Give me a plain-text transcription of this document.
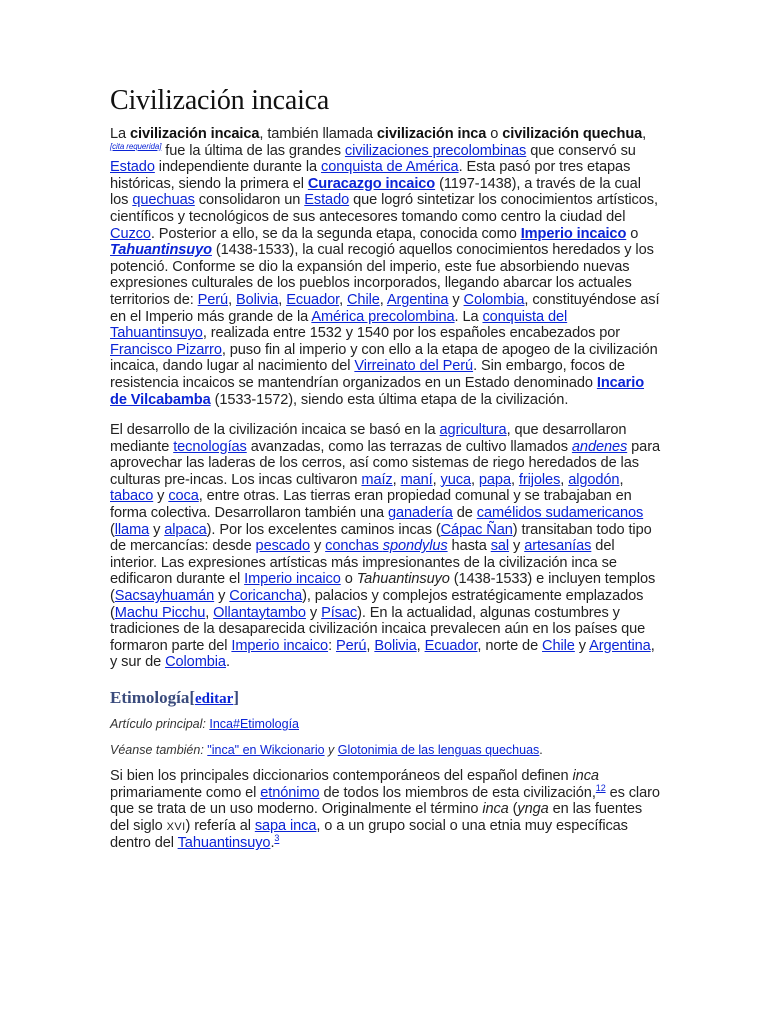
Civilización incaica

La civilización incaica, también llamada civilización inca o civilización quechua,[cita requerida] fue la última de las grandes civilizaciones precolombinas que conservó su Estado independiente durante la conquista de América. Esta pasó por tres etapas históricas, siendo la primera el Curacazgo incaico (1197-1438), a través de la cual los quechuas consolidaron un Estado que logró sintetizar los conocimientos artísticos, científicos y tecnológicos de sus antecesores tomando como centro la ciudad del Cuzco. Posterior a ello, se da la segunda etapa, conocida como Imperio incaico o Tahuantinsuyo (1438-1533), la cual recogió aquellos conocimientos heredados y los potenció. Conforme se dio la expansión del imperio, este fue absorbiendo nuevas expresiones culturales de los pueblos incorporados, llegando abarcar los actuales territorios de: Perú, Bolivia, Ecuador, Chile, Argentina y Colombia, constituyéndose así en el Imperio más grande de la América precolombina. La conquista del Tahuantinsuyo, realizada entre 1532 y 1540 por los españoles encabezados por Francisco Pizarro, puso fin al imperio y con ello a la etapa de apogeo de la civilización incaica, dando lugar al nacimiento del Virreinato del Perú. Sin embargo, focos de resistencia incaicos se mantendrían organizados en un Estado denominado Incario de Vilcabamba (1533-1572), siendo esta última etapa de la civilización.

El desarrollo de la civilización incaica se basó en la agricultura, que desarrollaron mediante tecnologías avanzadas, como las terrazas de cultivo llamados andenes para aprovechar las laderas de los cerros, así como sistemas de riego heredados de las culturas pre-incas. Los incas cultivaron maíz, maní, yuca, papa, frijoles, algodón, tabaco y coca, entre otras. Las tierras eran propiedad comunal y se trabajaban en forma colectiva. Desarrollaron también una ganadería de camélidos sudamericanos (llama y alpaca). Por los excelentes caminos incas (Cápac Ñan) transitaban todo tipo de mercancías: desde pescado y conchas spondylus hasta sal y artesanías del interior. Las expresiones artísticas más impresionantes de la civilización inca se edificaron durante el Imperio incaico o Tahuantinsuyo (1438-1533) e incluyen templos (Sacsayhuamán y Coricancha), palacios y complejos estratégicamente emplazados (Machu Picchu, Ollantaytambo y Písac). En la actualidad, algunas costumbres y tradiciones de la desaparecida civilización incaica prevalecen aún en los países que formaron parte del Imperio incaico: Perú, Bolivia, Ecuador, norte de Chile y Argentina, y sur de Colombia.

Etimología[editar]
Artículo principal: Inca#Etimología
Véanse también: "inca" en Wikcionario y Glotonimia de las lenguas quechuas.

Si bien los principales diccionarios contemporáneos del español definen inca primariamente como el etnónimo de todos los miembros de esta civilización,$^{12}$ es claro que se trata de un uso moderno. Originalmente el término inca (ynga en las fuentes del siglo XVI) refería al sapa inca, o a un grupo social o una etnia muy específicas dentro del Tahuantinsuyo.$^3$
